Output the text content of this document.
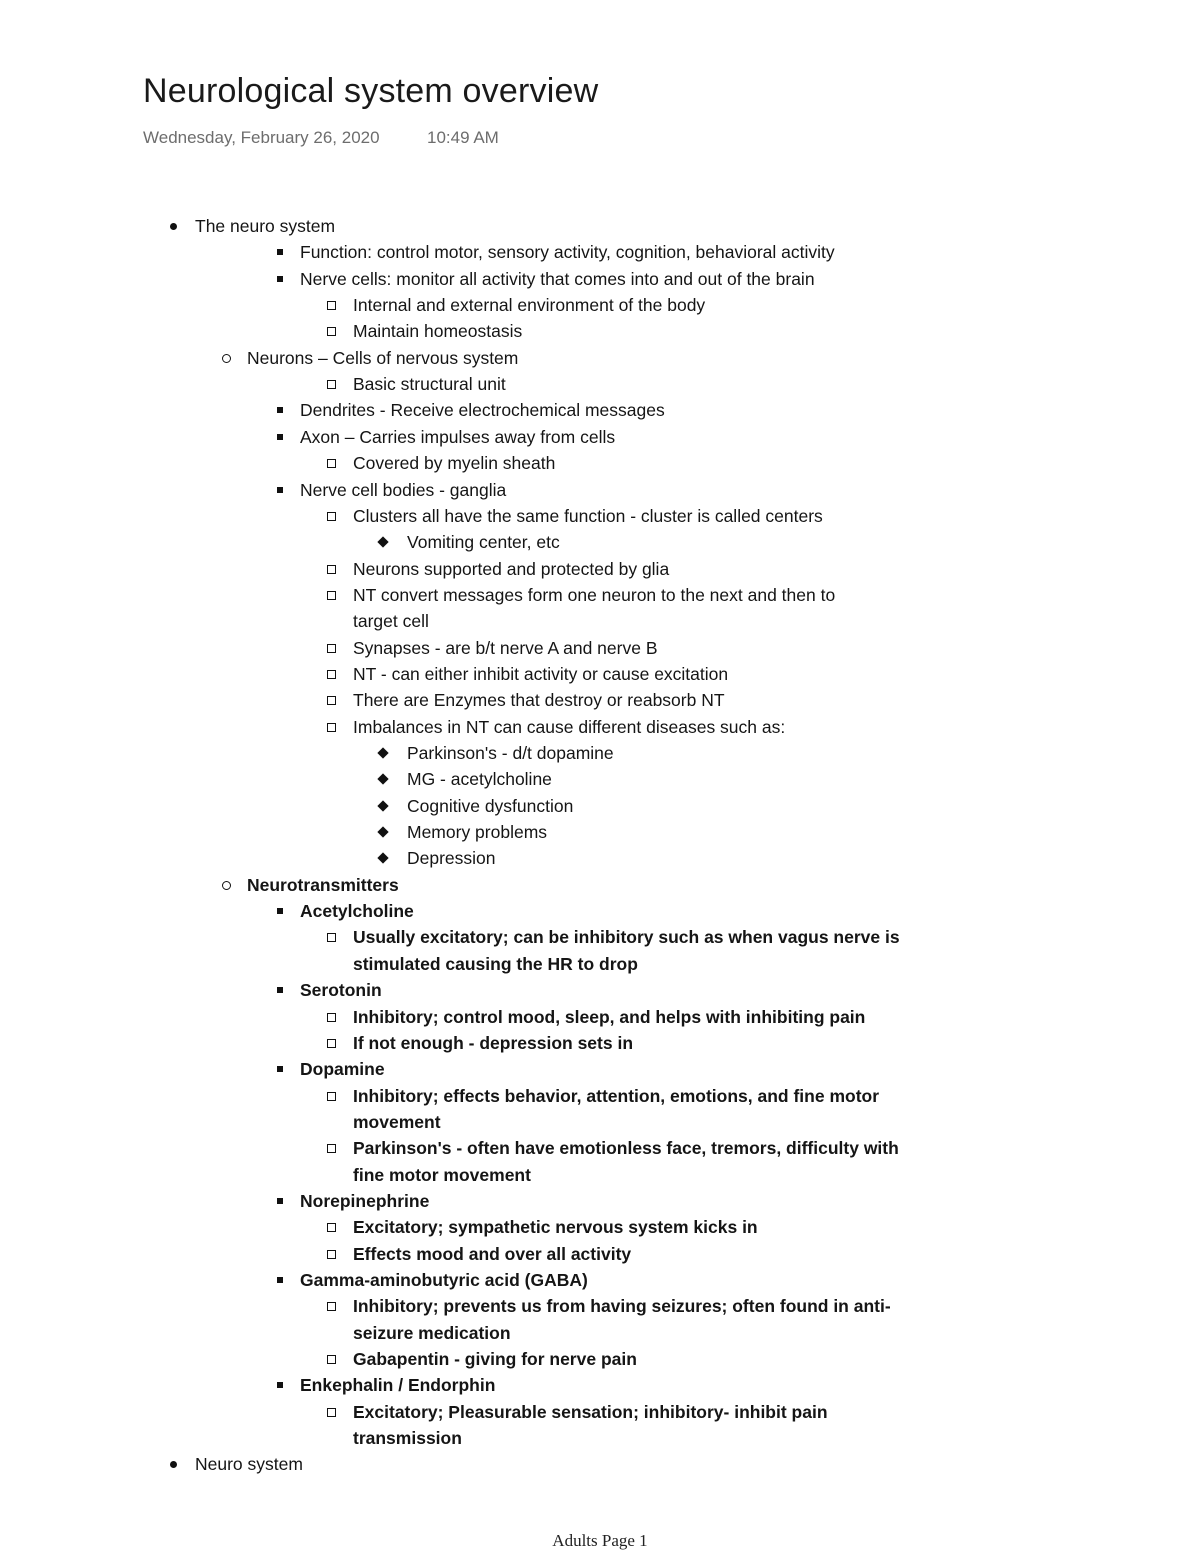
Neurological system overview
Wednesday, February 26, 2020	10:49 AM
The neuro system
Function: control motor, sensory activity, cognition, behavioral activity
Nerve cells: monitor all activity that comes into and out of the brain
Internal and external environment of the body
Maintain homeostasis
Neurons – Cells of nervous system
Basic structural unit
Dendrites - Receive electrochemical messages
Axon – Carries impulses away from cells
Covered by myelin sheath
Nerve cell bodies - ganglia
Clusters all have the same function - cluster is called centers
Vomiting center, etc
Neurons supported and protected by glia
NT convert messages form one neuron to the next and then to
target cell
Synapses - are b/t nerve A and nerve B
NT - can either inhibit activity or cause excitation
There are Enzymes that destroy or reabsorb NT
Imbalances in NT can cause different diseases such as:
Parkinson's - d/t dopamine
MG - acetylcholine
Cognitive dysfunction
Memory problems
Depression
Neurotransmitters
Acetylcholine
Usually excitatory; can be inhibitory such as when vagus nerve is
stimulated causing the HR to drop
Serotonin
Inhibitory; control mood, sleep, and helps with inhibiting pain
If not enough - depression sets in
Dopamine
Inhibitory; effects behavior, attention, emotions, and fine motor
movement
Parkinson's - often have emotionless face, tremors, difficulty with
fine motor movement
Norepinephrine
Excitatory; sympathetic nervous system kicks in
Effects mood and over all activity
Gamma-aminobutyric acid (GABA)
Inhibitory; prevents us from having seizures; often found in anti-
seizure medication
Gabapentin - giving for nerve pain
Enkephalin / Endorphin
Excitatory; Pleasurable sensation; inhibitory- inhibit pain
transmission
Neuro system
Adults Page 1
